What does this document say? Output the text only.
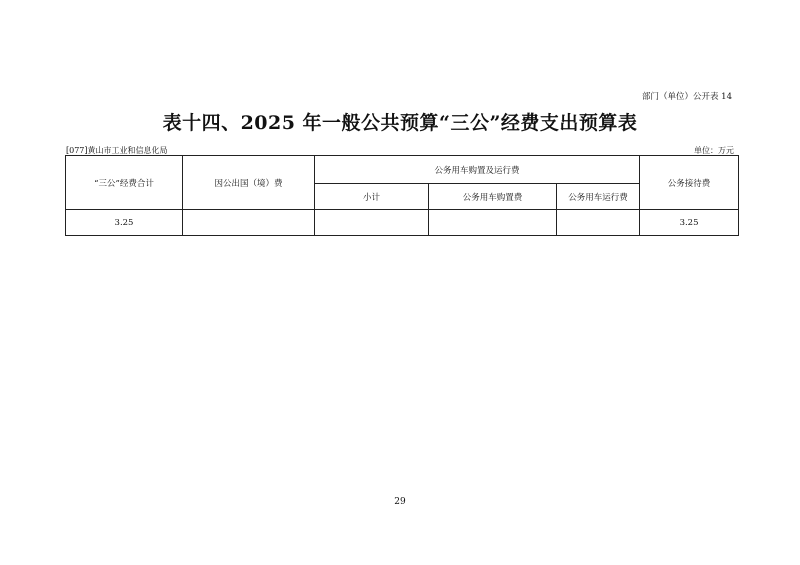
部门（单位）公开表 14
表十四、2025 年一般公共预算“三公”经费支出预算表
[077]黄山市工业和信息化局	单位：万元
“三公”经费合计	因公出国（境）费	公务用车购置及运行费			公务接待费
		小计	公务用车购置费	公务用车运行费	
3.25					3.25
29
